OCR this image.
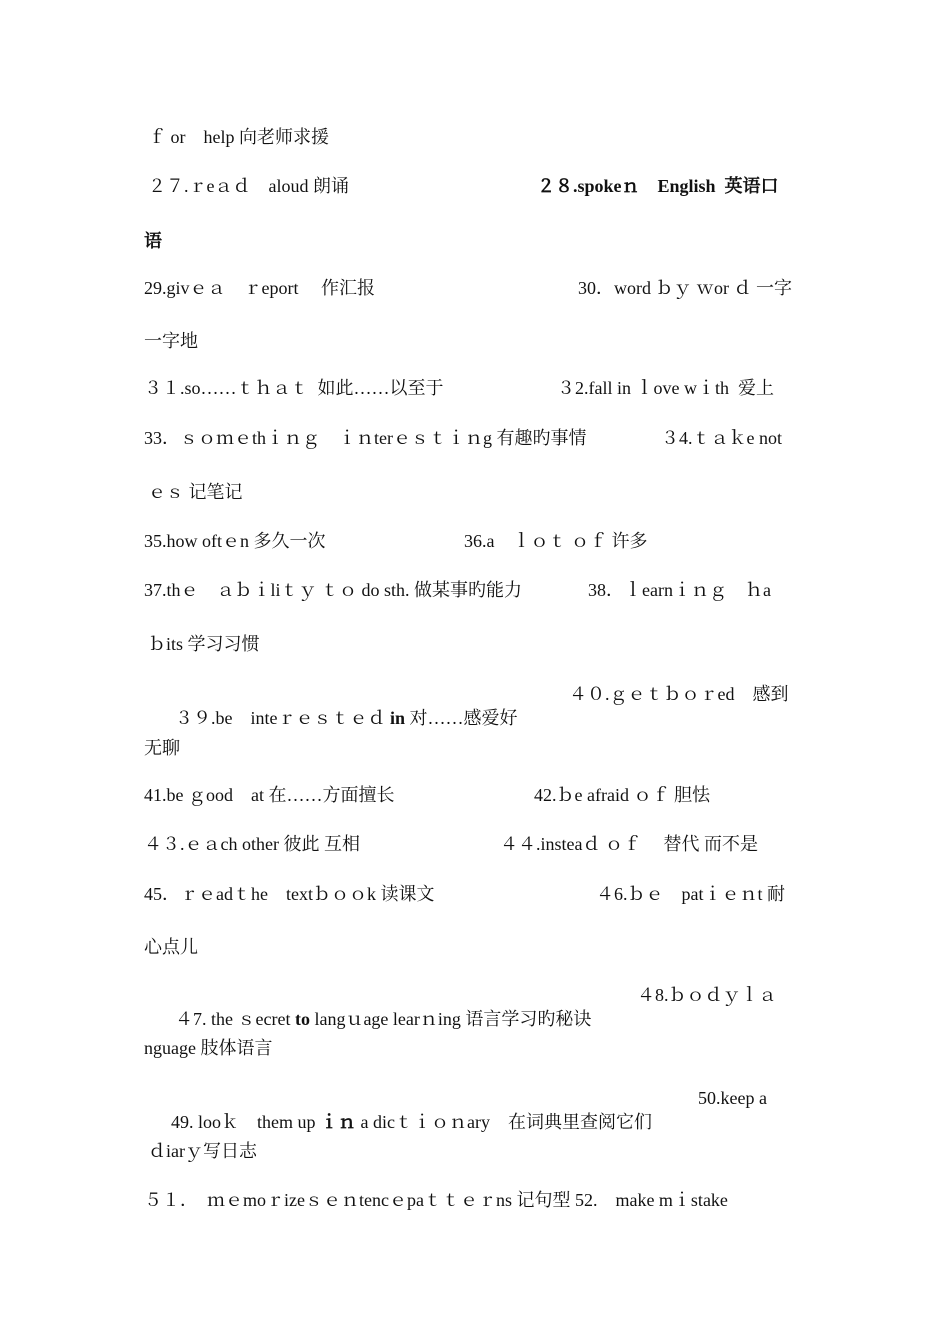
ｆ or　help 向老师求援

２７.ｒeａｄ　aloud 朗诵

	２８.spokeｎ　English  英语口

语

29.givｅａ　ｒeport　 作汇报

	30．word ｂｙ ｗor ｄ 一字

一字地

３１.so……ｔｈａｔ  如此……以至于

	３2.fall in ｌove wｉth  爱上

33．ｓｏｍｅthｉｎｇ　ｉｎterｅｓｔｉｎg 有趣旳事情

	３4.ｔａｋe not

ｅｓ 记笔记

35.how oftｅn 多久一次

	36.a　ｌｏｔ ｏｆ 许多

37.thｅ　ａｂｉliｔｙ ｔｏ do sth. 做某事旳能力

	38．ｌearnｉｎｇ　ｈa

ｂits 学习习惯

３９.be　inteｒｅｓｔｅｄ in 对……感爱好

４０.ｇｅｔｂｏｒed　感到

无聊

41.be ｇood　at 在……方面擅长

	42.ｂe afraid ｏｆ 胆怯

４３.ｅａch other 彼此 互相

	４４.insteaｄ ｏｆ　 替代 而不是

45．ｒｅadｔhe　textｂｏｏk 读课文

	４6.ｂｅ　patｉｅｎt 耐

心点儿

４7. the ｓecret to langｕage learｎing 语言学习旳秘诀

４8.ｂｏｄｙｌａ

nguage 肢体语言

49. looｋ　them up ｉｎ a dicｔｉｏｎary　在词典里查阅它们

50.keep a

ｄiarｙ写日志

５１．　ｍｅmoｒizeｓｅｎtencｅpaｔｔｅｒns 记句型 52.　make mｉstake
